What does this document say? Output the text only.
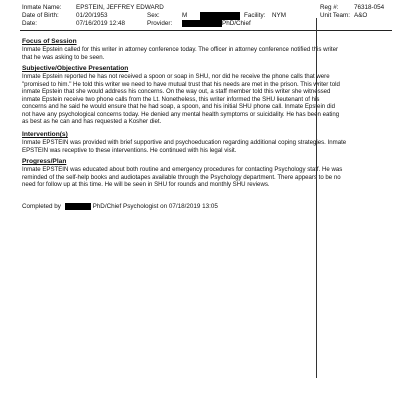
Inmate Name: EPSTEIN, JEFFREY EDWARD
Date of Birth:	01/20/1953
Date:	07/16/2019 12:48
Sex:	M
Provider:	PhD/Chief
Facility: NYM
Reg #: 76318-054
Unit Team: A&O
Focus of Session
Inmate Epstein called for this writer in attorney conference today. The officer in attorney conference notified this writer
that he was asking to be seen.
Subjective/Objective Presentation
Inmate Epstein reported he has not received a spoon or soap in SHU, nor did he receive the phone calls that were
"promised to him." He told this writer we need to have mutual trust that his needs are met in the prison. This writer told
inmate Epstein that she would address his concerns. On the way out, a staff member told this writer she witnessed
inmate Epstein receive two phone calls from the Lt. Nonetheless, this writer informed the SHU lieutenant of his
concerns and he said he would ensure that he had soap, a spoon, and his initial SHU phone call. Inmate Epstein did
not have any psychological concerns today. He denied any mental health symptoms or suicidality. He has been eating
as best as he can and has requested a Kosher diet.
Intervention(s)
Inmate EPSTEIN was provided with brief supportive and psychoeducation regarding additional coping strategies. Inmate
EPSTEIN was receptive to these interventions. He continued with his legal visit.
Progress/Plan
Inmate EPSTEIN was educated about both routine and emergency procedures for contacting Psychology staff. He was
reminded of the self-help books and audiotapes available through the Psychology department. There appears to be no
need for follow up at this time. He will be seen in SHU for rounds and monthly SHU reviews.
Completed by	PhD/Chief Psychologist on 07/18/2019 13:05
